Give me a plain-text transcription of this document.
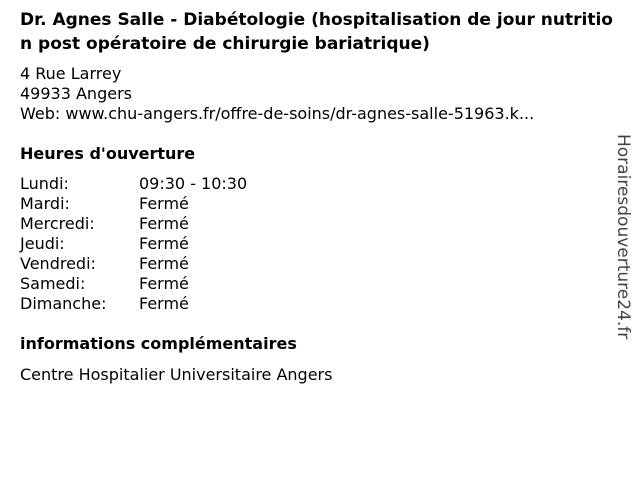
Dr. Agnes Salle - Diabétologie (hospitalisation de jour nutrition post opératoire de chirurgie bariatrique)
4 Rue Larrey
49933 Angers
Web: www.chu-angers.fr/offre-de-soins/dr-agnes-salle-51963.k...
Heures d'ouverture
Lundi:	09:30 - 10:30
Mardi:	Fermé
Mercredi:	Fermé
Jeudi:	Fermé
Vendredi:	Fermé
Samedi:	Fermé
Dimanche:	Fermé
informations complémentaires
Centre Hospitalier Universitaire Angers
Horairesdouverture24.fr
